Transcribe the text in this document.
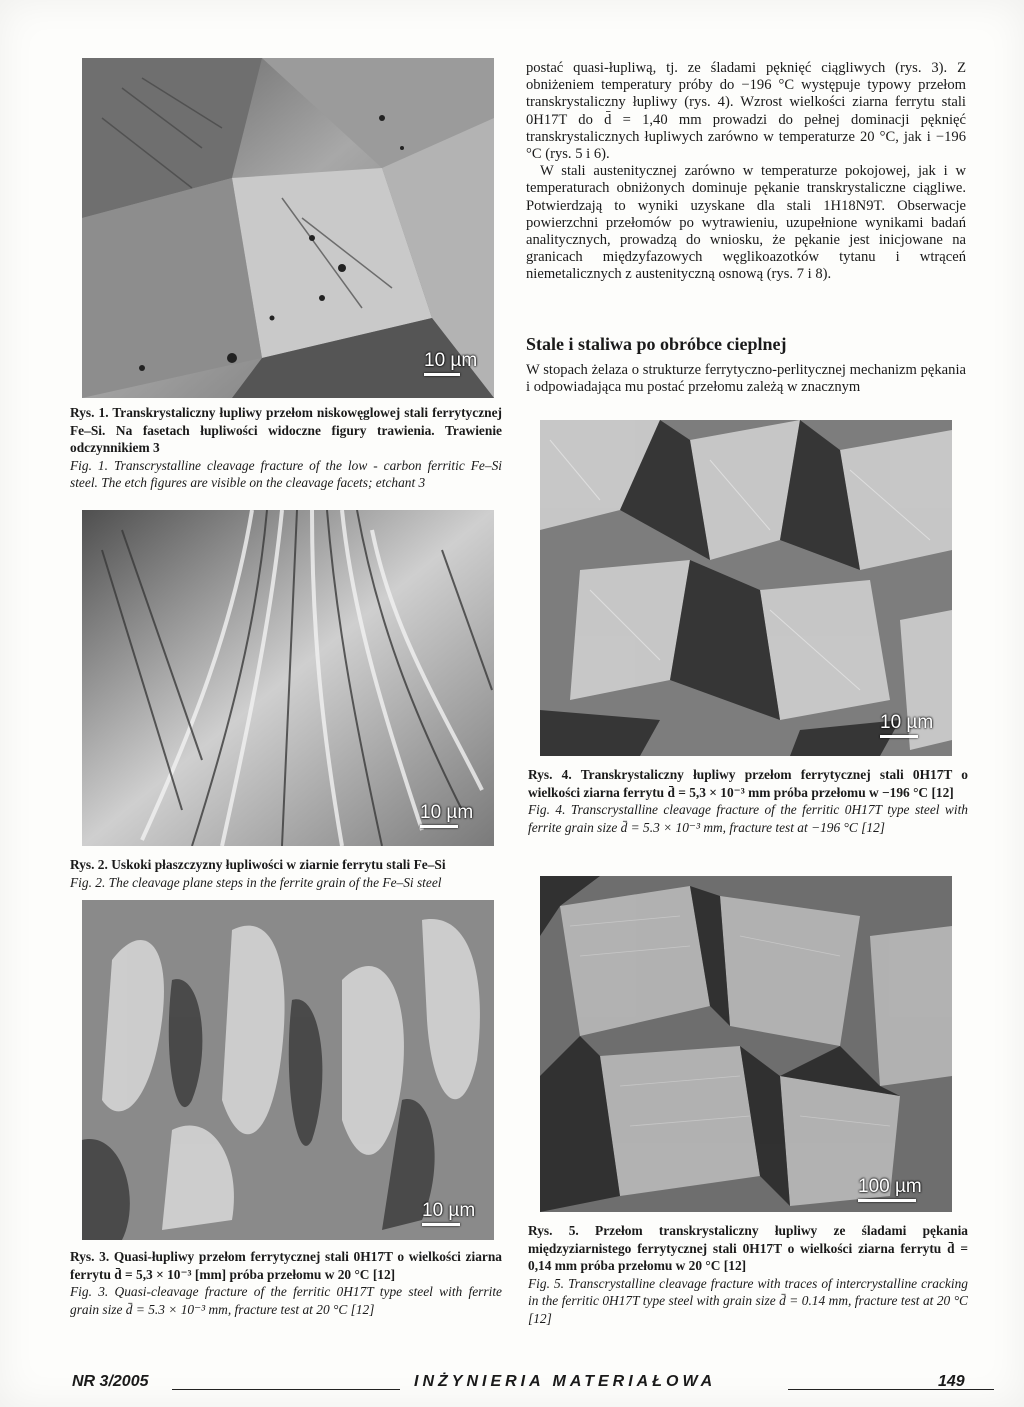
10 µm

Rys. 1. Transkrystaliczny łupliwy przełom niskowęglowej stali ferrytycznej Fe–Si. Na fasetach łupliwości widoczne figury trawienia. Trawienie odczynnikiem 3
Fig. 1. Transcrystalline cleavage fracture of the low - carbon ferritic Fe–Si steel. The etch figures are visible on the cleavage facets; etchant 3

10 µm

Rys. 2. Uskoki płaszczyzny łupliwości w ziarnie ferrytu stali Fe–Si
Fig. 2. The cleavage plane steps in the ferrite grain of the Fe–Si steel

10 µm

Rys. 3. Quasi-łupliwy przełom ferrytycznej stali 0H17T o wielkości ziarna ferrytu d̄ = 5,3 × 10⁻³ [mm] próba przełomu w 20 °C [12]
Fig. 3. Quasi-cleavage fracture of the ferritic 0H17T type steel with ferrite grain size d̄ = 5.3 × 10⁻³ mm, fracture test at 20 °C [12]

postać quasi-łupliwą, tj. ze śladami pęknięć ciągliwych (rys. 3). Z obniżeniem temperatury próby do −196 °C występuje typowy przełom transkrystaliczny łupliwy (rys. 4). Wzrost wielkości ziarna ferrytu stali 0H17T do d̄ = 1,40 mm prowadzi do pełnej dominacji pęknięć transkrystalicznych łupliwych zarówno w temperaturze 20 °C, jak i −196 °C (rys. 5 i 6).

W stali austenitycznej zarówno w temperaturze pokojowej, jak i w temperaturach obniżonych dominuje pękanie transkrystaliczne ciągliwe. Potwierdzają to wyniki uzyskane dla stali 1H18N9T. Obserwacje powierzchni przełomów po wytrawieniu, uzupełnione wynikami badań analitycznych, prowadzą do wniosku, że pękanie jest inicjowane na granicach międzyfazowych węglikoazotków tytanu i wtrąceń niemetalicznych z austenityczną osnową (rys. 7 i 8).

Stale i staliwa po obróbce cieplnej

W stopach żelaza o strukturze ferrytyczno-perlitycznej mechanizm pękania i odpowiadająca mu postać przełomu zależą w znacznym

10 µm

Rys. 4. Transkrystaliczny łupliwy przełom ferrytycznej stali 0H17T o wielkości ziarna ferrytu d̄ = 5,3 × 10⁻³ mm próba przełomu w −196 °C [12]
Fig. 4. Transcrystalline cleavage fracture of the ferritic 0H17T type steel with ferrite grain size d̄ = 5.3 × 10⁻³ mm, fracture test at −196 °C [12]

100 µm

Rys. 5. Przełom transkrystaliczny łupliwy ze śladami pękania międzyziarnistego ferrytycznej stali 0H17T o wielkości ziarna ferrytu d̄ = 0,14 mm próba przełomu w 20 °C [12]
Fig. 5. Transcrystalline cleavage fracture with traces of intercrystalline cracking in the ferritic 0H17T type steel with grain size d̄ = 0.14 mm, fracture test at 20 °C [12]

NR 3/2005	INŻYNIERIA MATERIAŁOWA	149
